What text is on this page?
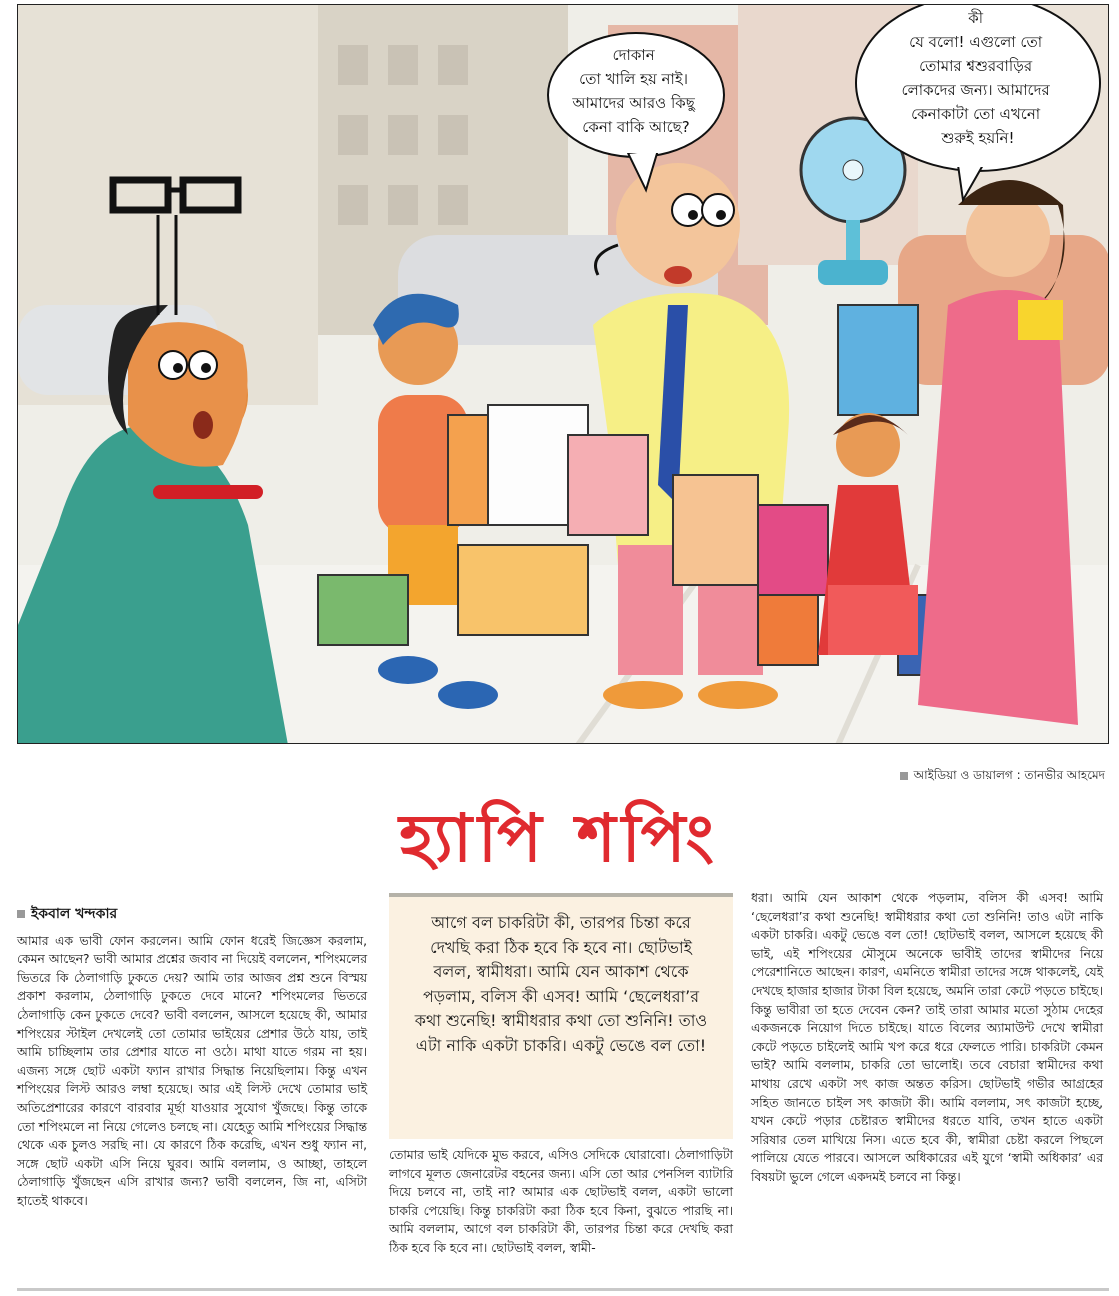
দোকান তো খালি হয় নাই। আমাদের আরও কিছু কেনা বাকি আছে?
কী যে বলো! এগুলো তো তোমার শ্বশুরবাড়ির লোকদের জন্য। আমাদের কেনাকাটা তো এখনো শুরুই হয়নি!
আইডিয়া ও ডায়ালগ : তানভীর আহমেদ
হ্যাপি শপিং
ইকবাল খন্দকার
আমার এক ভাবী ফোন করলেন। আমি ফোন ধরেই জিজ্ঞেস করলাম, কেমন আছেন? ভাবী আমার প্রশ্নের জবাব না দিয়েই বললেন, শপিংমলের ভিতরে কি ঠেলাগাড়ি ঢুকতে দেয়? আমি তার আজব প্রশ্ন শুনে বিস্ময় প্রকাশ করলাম, ঠেলাগাড়ি ঢুকতে দেবে মানে? শপিংমলের ভিতরে ঠেলাগাড়ি কেন ঢুকতে দেবে? ভাবী বললেন, আসলে হয়েছে কী, আমার শপিংয়ের স্টাইল দেখলেই তো তোমার ভাইয়ের প্রেশার উঠে যায়, তাই আমি চাচ্ছিলাম তার প্রেশার যাতে না ওঠে। মাথা যাতে গরম না হয়। এজন্য সঙ্গে ছোট একটা ফ্যান রাখার সিদ্ধান্ত নিয়েছিলাম। কিন্তু এখন শপিংয়ের লিস্ট আরও লম্বা হয়েছে। আর এই লিস্ট দেখে তোমার ভাই অতিপ্রেশারের কারণে বারবার মূর্ছা যাওয়ার সুযোগ খুঁজছে। কিন্তু তাকে তো শপিংমলে না নিয়ে গেলেও চলছে না। যেহেতু আমি শপিংয়ের সিদ্ধান্ত থেকে এক চুলও সরছি না। যে কারণে ঠিক করেছি, এখন শুধু ফ্যান না, সঙ্গে ছোট একটা এসি নিয়ে ঘুরব। আমি বললাম, ও আচ্ছা, তাহলে ঠেলাগাড়ি খুঁজছেন এসি রাখার জন্য? ভাবী বললেন, জি না, এসিটা হাতেই থাকবে।
আগে বল চাকরিটা কী, তারপর চিন্তা করে দেখছি করা ঠিক হবে কি হবে না। ছোটভাই বলল, স্বামীধরা। আমি যেন আকাশ থেকে পড়লাম, বলিস কী এসব! আমি ‘ছেলেধরা’র কথা শুনেছি! স্বামীধরার কথা তো শুনিনি! তাও এটা নাকি একটা চাকরি। একটু ভেঙে বল তো!
তোমার ভাই যেদিকে মুভ করবে, এসিও সেদিকে ঘোরাবো। ঠেলাগাড়িটা লাগবে মূলত জেনারেটর বহনের জন্য। এসি তো আর পেনসিল ব্যাটারি দিয়ে চলবে না, তাই না? আমার এক ছোটভাই বলল, একটা ভালো চাকরি পেয়েছি। কিন্তু চাকরিটা করা ঠিক হবে কিনা, বুঝতে পারছি না। আমি বললাম, আগে বল চাকরিটা কী, তারপর চিন্তা করে দেখছি করা ঠিক হবে কি হবে না। ছোটভাই বলল, স্বামী-
ধরা। আমি যেন আকাশ থেকে পড়লাম, বলিস কী এসব! আমি ‘ছেলেধরা’র কথা শুনেছি! স্বামীধরার কথা তো শুনিনি! তাও এটা নাকি একটা চাকরি। একটু ভেঙে বল তো! ছোটভাই বলল, আসলে হয়েছে কী ভাই, এই শপিংয়ের মৌসুমে অনেকে ভাবীই তাদের স্বামীদের নিয়ে পেরেশানিতে আছেন। কারণ, এমনিতে স্বামীরা তাদের সঙ্গে থাকলেই, যেই দেখছে হাজার হাজার টাকা বিল হয়েছে, অমনি তারা কেটে পড়তে চাইছে। কিন্তু ভাবীরা তা হতে দেবেন কেন? তাই তারা আমার মতো সুঠাম দেহের একজনকে নিয়োগ দিতে চাইছে। যাতে বিলের অ্যামাউন্ট দেখে স্বামীরা কেটে পড়তে চাইলেই আমি খপ করে ধরে ফেলতে পারি। চাকরিটা কেমন ভাই? আমি বললাম, চাকরি তো ভালোই। তবে বেচারা স্বামীদের কথা মাথায় রেখে একটা সৎ কাজ অন্তত করিস। ছোটভাই গভীর আগ্রহের সহিত জানতে চাইল সৎ কাজটা কী। আমি বললাম, সৎ কাজটা হচ্ছে, যখন কেটে পড়ার চেষ্টারত স্বামীদের ধরতে যাবি, তখন হাতে একটা সরিষার তেল মাখিয়ে নিস। এতে হবে কী, স্বামীরা চেষ্টা করলে পিছলে পালিয়ে যেতে পারবে। আসলে অধিকারের এই যুগে ‘স্বামী অধিকার’ এর বিষয়টা ভুলে গেলে একদমই চলবে না কিন্তু।
